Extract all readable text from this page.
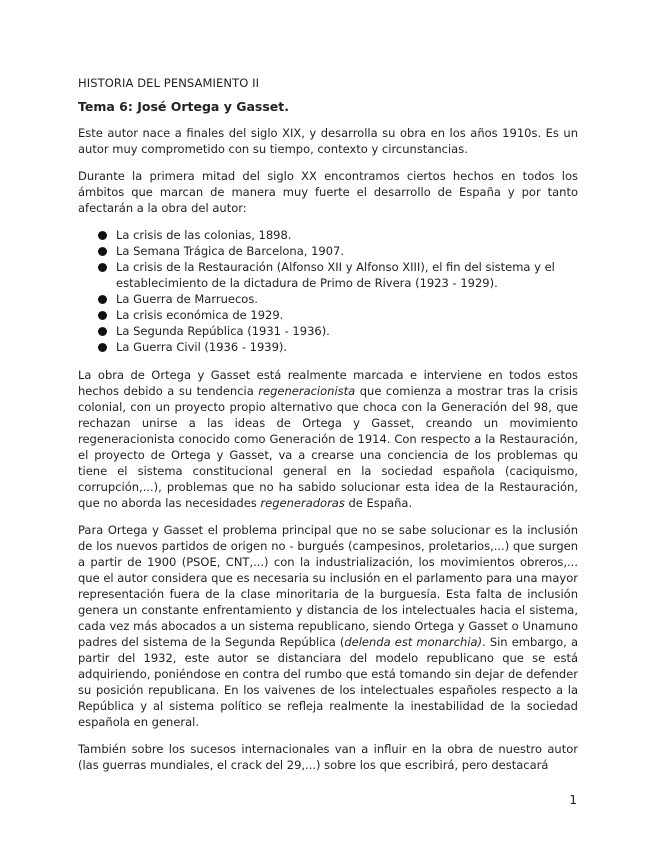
HISTORIA DEL PENSAMIENTO II
Tema 6: José Ortega y Gasset.

Este autor nace a finales del siglo XIX, y desarrolla su obra en los años 1910s. Es un autor muy comprometido con su tiempo, contexto y circunstancias.

Durante la primera mitad del siglo XX encontramos ciertos hechos en todos los ámbitos que marcan de manera muy fuerte el desarrollo de España y por tanto afectarán a la obra del autor:

La crisis de las colonias, 1898.
La Semana Trágica de Barcelona, 1907.
La crisis de la Restauración (Alfonso XII y Alfonso XIII), el fin del sistema y el establecimiento de la dictadura de Primo de Rivera (1923 - 1929).
La Guerra de Marruecos.
La crisis económica de 1929.
La Segunda República (1931 - 1936).
La Guerra Civil (1936 - 1939).

La obra de Ortega y Gasset está realmente marcada e interviene en todos estos hechos debido a su tendencia regeneracionista que comienza a mostrar tras la crisis colonial, con un proyecto propio alternativo que choca con la Generación del 98, que rechazan unirse a las ideas de Ortega y Gasset, creando un movimiento regeneracionista conocido como Generación de 1914. Con respecto a la Restauración, el proyecto de Ortega y Gasset, va a crearse una conciencia de los problemas qu tiene el sistema constitucional general en la sociedad española (caciquismo, corrupción,...), problemas que no ha sabido solucionar esta idea de la Restauración, que no aborda las necesidades regeneradoras de España.

Para Ortega y Gasset el problema principal que no se sabe solucionar es la inclusión de los nuevos partidos de origen no - burgués (campesinos, proletarios,...) que surgen a partir de 1900 (PSOE, CNT,...) con la industrialización, los movimientos obreros,... que el autor considera que es necesaria su inclusión en el parlamento para una mayor representación fuera de la clase minoritaria de la burguesía. Esta falta de inclusión genera un constante enfrentamiento y distancia de los intelectuales hacia el sistema, cada vez más abocados a un sistema republicano, siendo Ortega y Gasset o Unamuno padres del sistema de la Segunda República (delenda est monarchia). Sin embargo, a partir del 1932, este autor se distanciara del modelo republicano que se está adquiriendo, poniéndose en contra del rumbo que está tomando sin dejar de defender su posición republicana. En los vaivenes de los intelectuales españoles respecto a la República y al sistema político se refleja realmente la inestabilidad de la sociedad española en general.

También sobre los sucesos internacionales van a influir en la obra de nuestro autor (las guerras mundiales, el crack del 29,...) sobre los que escribirá, pero destacará

1
